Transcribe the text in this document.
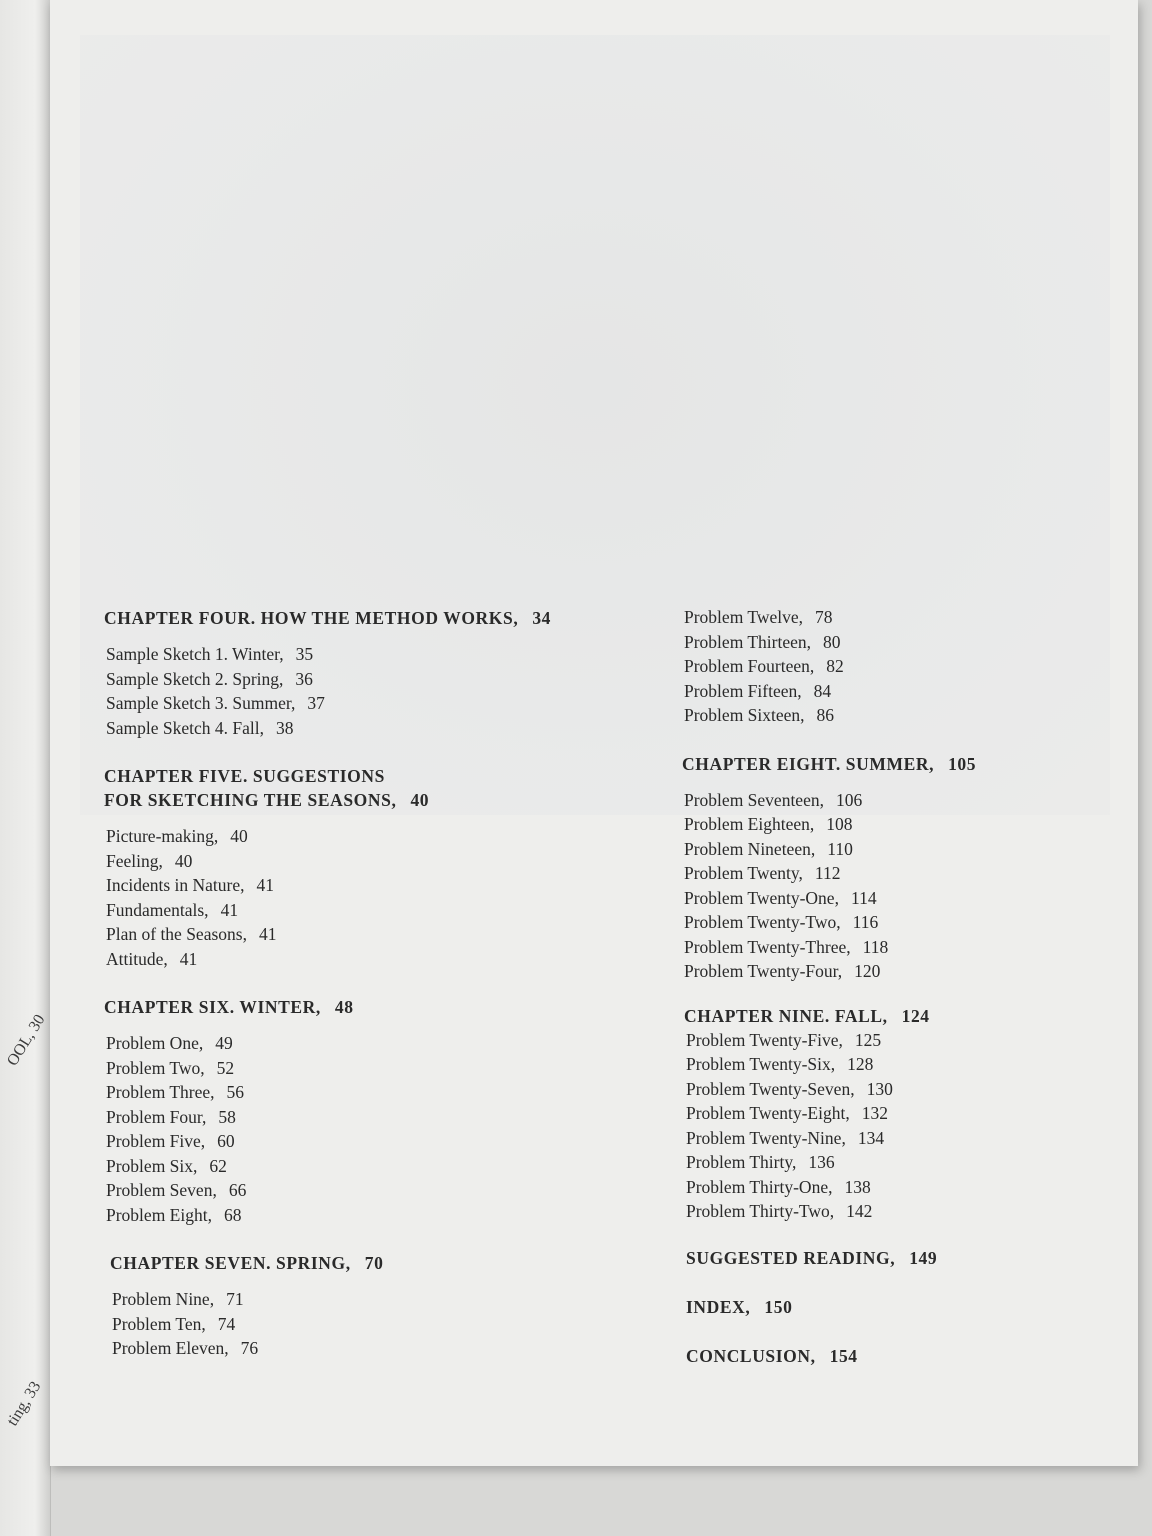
OOL, 30
ting, 33
CHAPTER FOUR. HOW THE METHOD WORKS, 34
Sample Sketch 1. Winter, 35
Sample Sketch 2. Spring, 36
Sample Sketch 3. Summer, 37
Sample Sketch 4. Fall, 38
CHAPTER FIVE. SUGGESTIONS
FOR SKETCHING THE SEASONS, 40
Picture-making, 40
Feeling, 40
Incidents in Nature, 41
Fundamentals, 41
Plan of the Seasons, 41
Attitude, 41
CHAPTER SIX. WINTER, 48
Problem One, 49
Problem Two, 52
Problem Three, 56
Problem Four, 58
Problem Five, 60
Problem Six, 62
Problem Seven, 66
Problem Eight, 68
CHAPTER SEVEN. SPRING, 70
Problem Nine, 71
Problem Ten, 74
Problem Eleven, 76
Problem Twelve, 78
Problem Thirteen, 80
Problem Fourteen, 82
Problem Fifteen, 84
Problem Sixteen, 86
CHAPTER EIGHT. SUMMER, 105
Problem Seventeen, 106
Problem Eighteen, 108
Problem Nineteen, 110
Problem Twenty, 112
Problem Twenty-One, 114
Problem Twenty-Two, 116
Problem Twenty-Three, 118
Problem Twenty-Four, 120
CHAPTER NINE. FALL, 124
Problem Twenty-Five, 125
Problem Twenty-Six, 128
Problem Twenty-Seven, 130
Problem Twenty-Eight, 132
Problem Twenty-Nine, 134
Problem Thirty, 136
Problem Thirty-One, 138
Problem Thirty-Two, 142
SUGGESTED READING, 149
INDEX, 150
CONCLUSION, 154
